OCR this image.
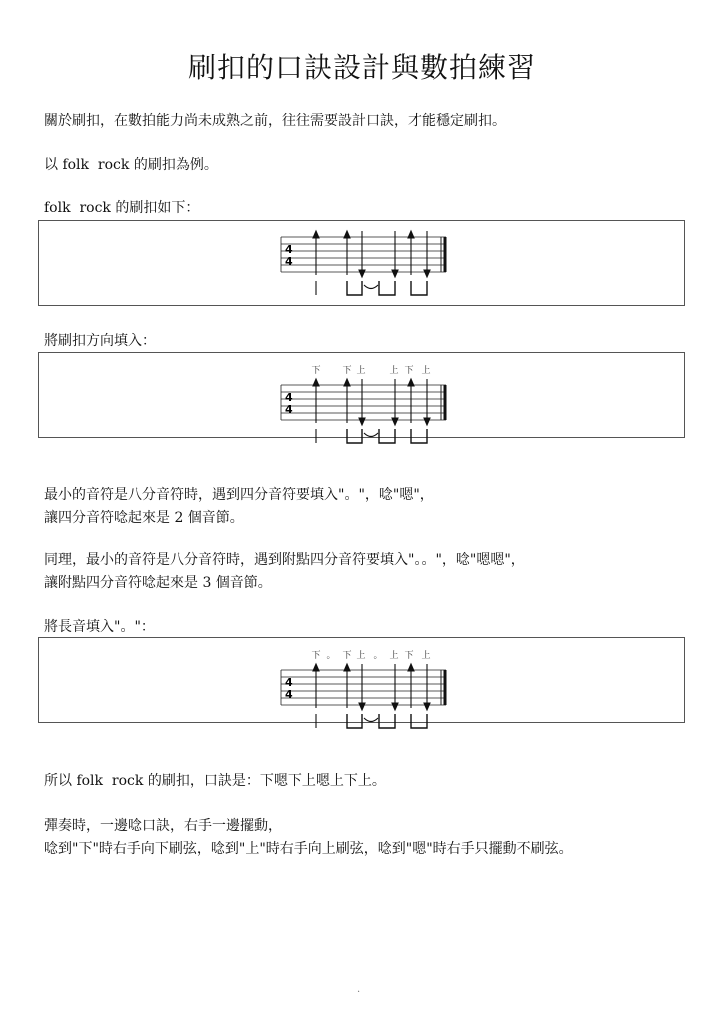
刷扣的口訣設計與數拍練習
關於刷扣，在數拍能力尚未成熟之前，往往需要設計口訣，才能穩定刷扣。
以 folk  rock 的刷扣為例。
folk  rock 的刷扣如下：
4
4
將刷扣方向填入：
下 下 上	上 下 上
4
4
最小的音符是八分音符時，遇到四分音符要填入"。"，唸"嗯"，
讓四分音符唸起來是 2 個音節。
同理，最小的音符是八分音符時，遇到附點四分音符要填入"。。"，唸"嗯嗯"，
讓附點四分音符唸起來是 3 個音節。
將長音填入"。"：
下 。 下 上 。 上 下 上
4
4
所以 folk  rock 的刷扣，口訣是：下嗯下上嗯上下上。
彈奏時，一邊唸口訣，右手一邊擺動，
唸到"下"時右手向下刷弦，唸到"上"時右手向上刷弦，唸到"嗯"時右手只擺動不刷弦。
.
